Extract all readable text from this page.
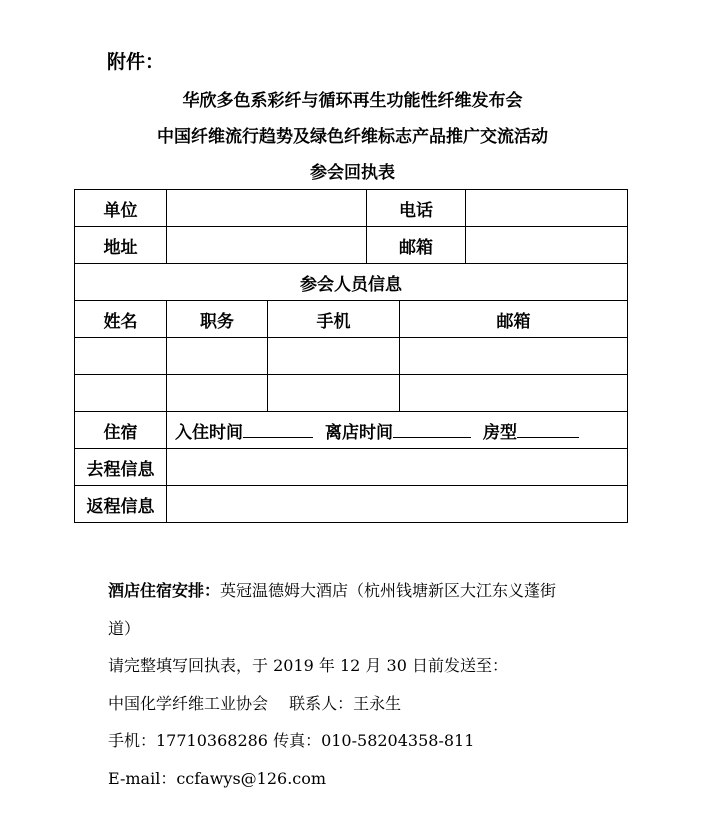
附件：
华欣多色系彩纤与循环再生功能性纤维发布会
中国纤维流行趋势及绿色纤维标志产品推广交流活动
参会回执表
单位			电话		
地址			邮箱		
参会人员信息					
姓名	职务	手机		邮箱	

住宿	入住时间 离店时间 房型				
去程信息					
返程信息					

酒店住宿安排：英冠温德姆大酒店（杭州钱塘新区大江东义蓬街

道）

请完整填写回执表，于 2019 年 12 月 30 日前发送至：

中国化学纤维工业协会　 联系人：王永生

手机：17710368286 传真：010-58204358-811

E-mail：ccfawys@126.com
